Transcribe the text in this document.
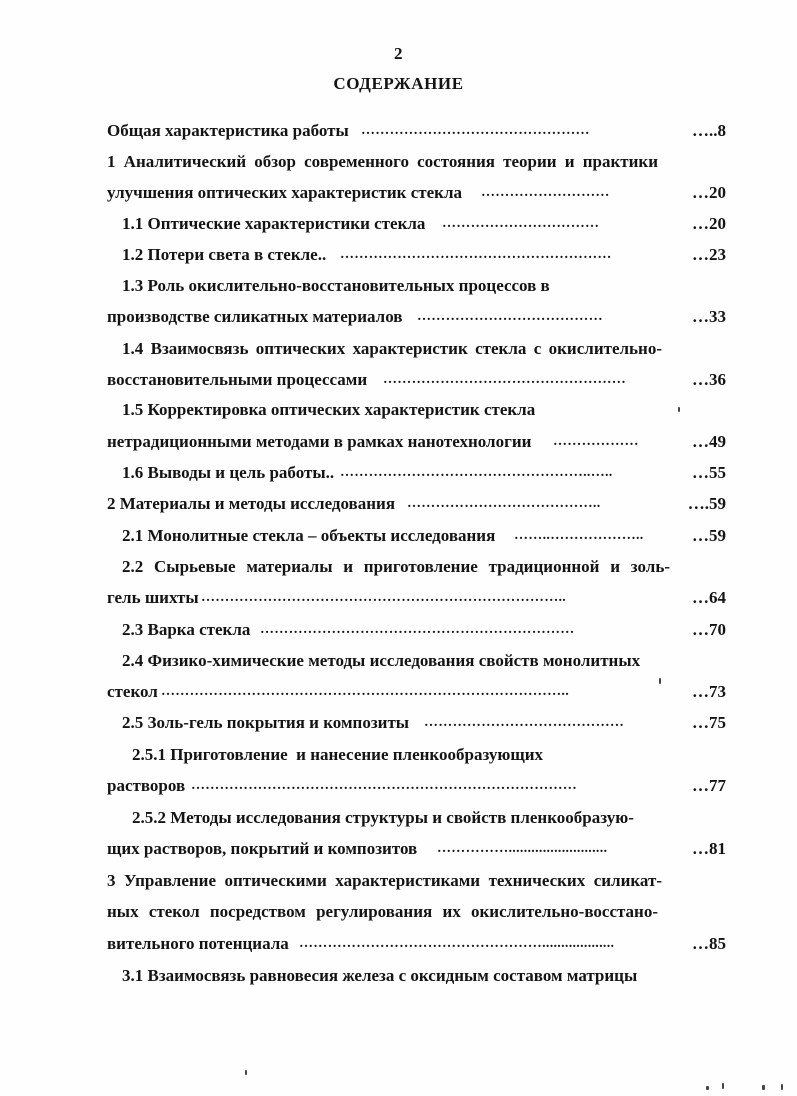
2
СОДЕРЖАНИЕ
Общая характеристика работы …………………………………………	…..8
1 Аналитический обзор современного состояния теории и практики
улучшения оптических характеристик стекла ………………………	…20
1.1 Оптические характеристики стекла ……………………………	…20
1.2 Потери света в стекле.. …………………………………………………	…23
1.3 Роль окислительно-восстановительных процессов в
производстве силикатных материалов …………………………………	…33
1.4 Взаимосвязь оптических характеристик стекла с окислительно-
восстановительными процессами ……………………………………………	…36
1.5 Корректировка оптических характеристик стекла
нетрадиционными методами в рамках нанотехнологии ………………	…49
1.6 Выводы и цель работы.. ……………………………………………..…..	…55
2 Материалы и методы исследования …………………………………..	….59
2.1 Монолитные стекла – объекты исследования ……..………………..	…59
2.2 Сырьевые материалы и приготовление традиционной и золь-
гель шихты …………………………………………………………………..	…64
2.3 Варка стекла …………………………………………………………	…70
2.4 Физико-химические методы исследования свойств монолитных
стекол …………………………………………………………………………..	…73
2.5 Золь-гель покрытия и композиты ……………………………………	…75
2.5.1 Приготовление  и нанесение пленкообразующих
растворов ………………………………………………………………………	…77
2.5.2 Методы исследования структуры и свойств пленкообразую-
щих растворов, покрытий и композитов ……………..........................	…81
3 Управление оптическими характеристиками технических силикат-
ных стекол посредством регулирования их окислительно-восстано-
вительного потенциала ……………………………………………...................	…85
3.1 Взаимосвязь равновесия железа с оксидным составом матрицы
